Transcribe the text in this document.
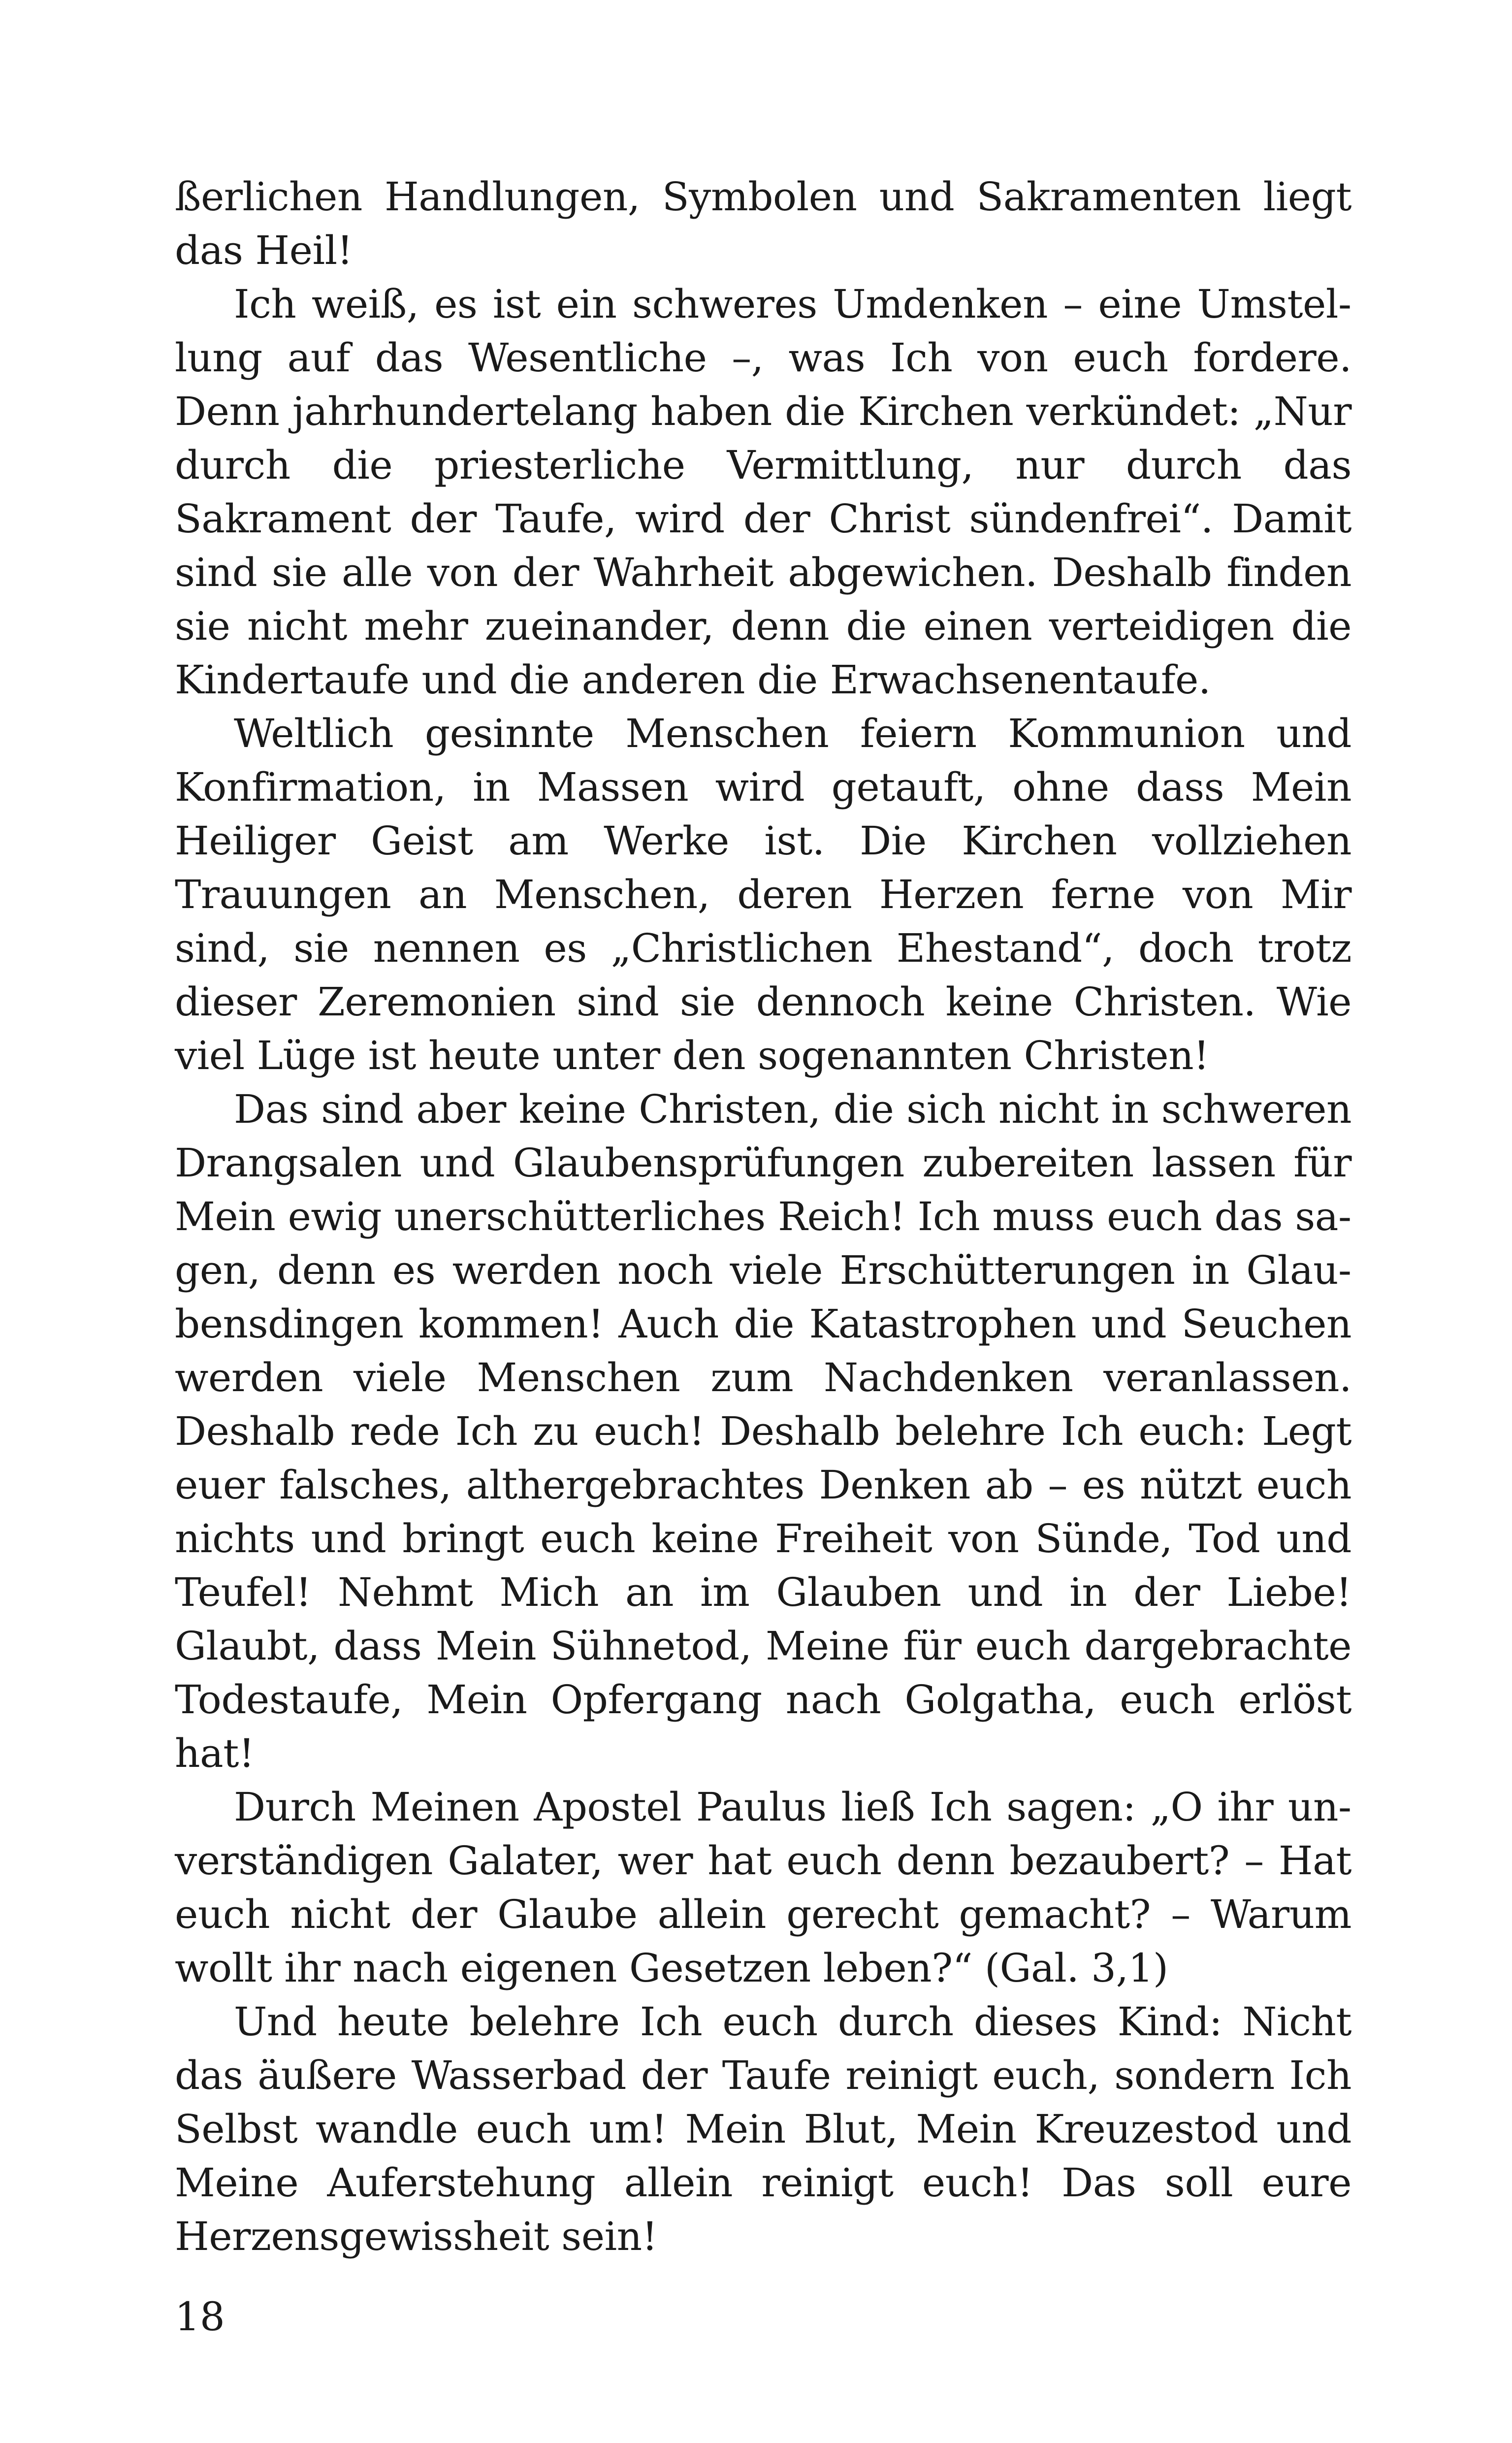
ßerlichen Handlungen, Symbolen und Sakramenten liegt das Heil!

Ich weiß, es ist ein schweres Umdenken – eine Umstellung auf das Wesentliche –, was Ich von euch fordere. Denn jahrhundertelang haben die Kirchen verkündet: „Nur durch die priesterliche Vermittlung, nur durch das Sakrament der Taufe, wird der Christ sündenfrei“. Damit sind sie alle von der Wahrheit abgewichen. Deshalb finden sie nicht mehr zueinander, denn die einen verteidigen die Kindertaufe und die anderen die Erwachsenentaufe.

Weltlich gesinnte Menschen feiern Kommunion und Konfirmation, in Massen wird getauft, ohne dass Mein Heiliger Geist am Werke ist. Die Kirchen vollziehen Trauungen an Menschen, deren Herzen ferne von Mir sind, sie nennen es „Christlichen Ehestand“, doch trotz dieser Zeremonien sind sie dennoch keine Christen. Wie viel Lüge ist heute unter den sogenannten Christen!

Das sind aber keine Christen, die sich nicht in schweren Drangsalen und Glaubensprüfungen zubereiten lassen für Mein ewig unerschütterliches Reich! Ich muss euch das sagen, denn es werden noch viele Erschütterungen in Glaubensdingen kommen! Auch die Katastrophen und Seuchen werden viele Menschen zum Nachdenken veranlassen. Deshalb rede Ich zu euch! Deshalb belehre Ich euch: Legt euer falsches, althergebrachtes Denken ab – es nützt euch nichts und bringt euch keine Freiheit von Sünde, Tod und Teufel! Nehmt Mich an im Glauben und in der Liebe! Glaubt, dass Mein Sühnetod, Meine für euch dargebrachte Todestaufe, Mein Opfergang nach Golgatha, euch erlöst hat!

Durch Meinen Apostel Paulus ließ Ich sagen: „O ihr unverständigen Galater, wer hat euch denn bezaubert? – Hat euch nicht der Glaube allein gerecht gemacht? – Warum wollt ihr nach eigenen Gesetzen leben?“ (Gal. 3,1)

Und heute belehre Ich euch durch dieses Kind: Nicht das äußere Wasserbad der Taufe reinigt euch, sondern Ich Selbst wandle euch um! Mein Blut, Mein Kreuzestod und Meine Auferstehung allein reinigt euch! Das soll eure Herzensgewissheit sein!

18
